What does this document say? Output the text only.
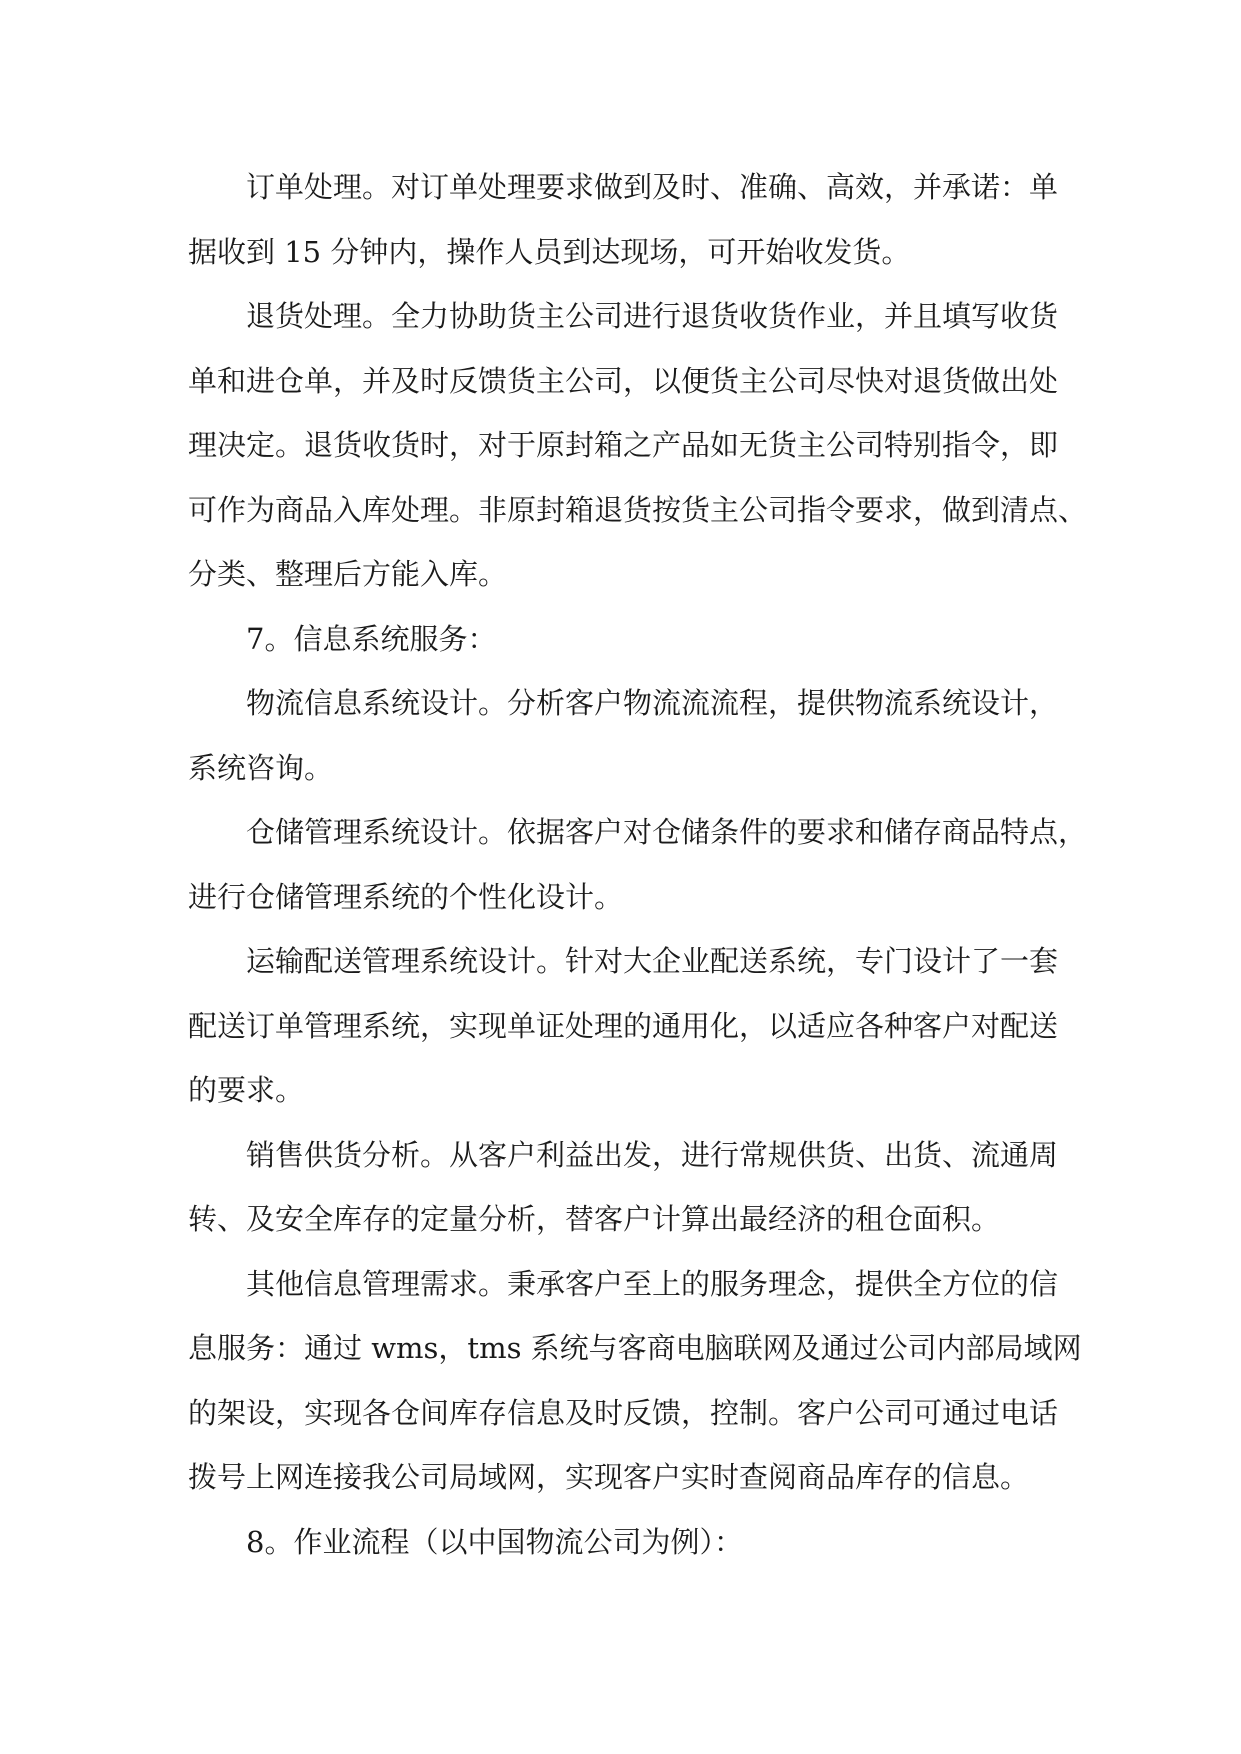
订单处理。对订单处理要求做到及时、准确、高效，并承诺：单
据收到 15 分钟内，操作人员到达现场，可开始收发货。
退货处理。全力协助货主公司进行退货收货作业，并且填写收货
单和进仓单，并及时反馈货主公司，以便货主公司尽快对退货做出处
理决定。退货收货时，对于原封箱之产品如无货主公司特别指令，即
可作为商品入库处理。非原封箱退货按货主公司指令要求，做到清点、
分类、整理后方能入库。
7。信息系统服务：
物流信息系统设计。分析客户物流流流程，提供物流系统设计，
系统咨询。
仓储管理系统设计。依据客户对仓储条件的要求和储存商品特点，
进行仓储管理系统的个性化设计。
运输配送管理系统设计。针对大企业配送系统，专门设计了一套
配送订单管理系统，实现单证处理的通用化，以适应各种客户对配送
的要求。
销售供货分析。从客户利益出发，进行常规供货、出货、流通周
转、及安全库存的定量分析，替客户计算出最经济的租仓面积。
其他信息管理需求。秉承客户至上的服务理念，提供全方位的信
息服务：通过 wms，tms 系统与客商电脑联网及通过公司内部局域网
的架设，实现各仓间库存信息及时反馈，控制。客户公司可通过电话
拨号上网连接我公司局域网，实现客户实时查阅商品库存的信息。
8。作业流程（以中国物流公司为例）：
